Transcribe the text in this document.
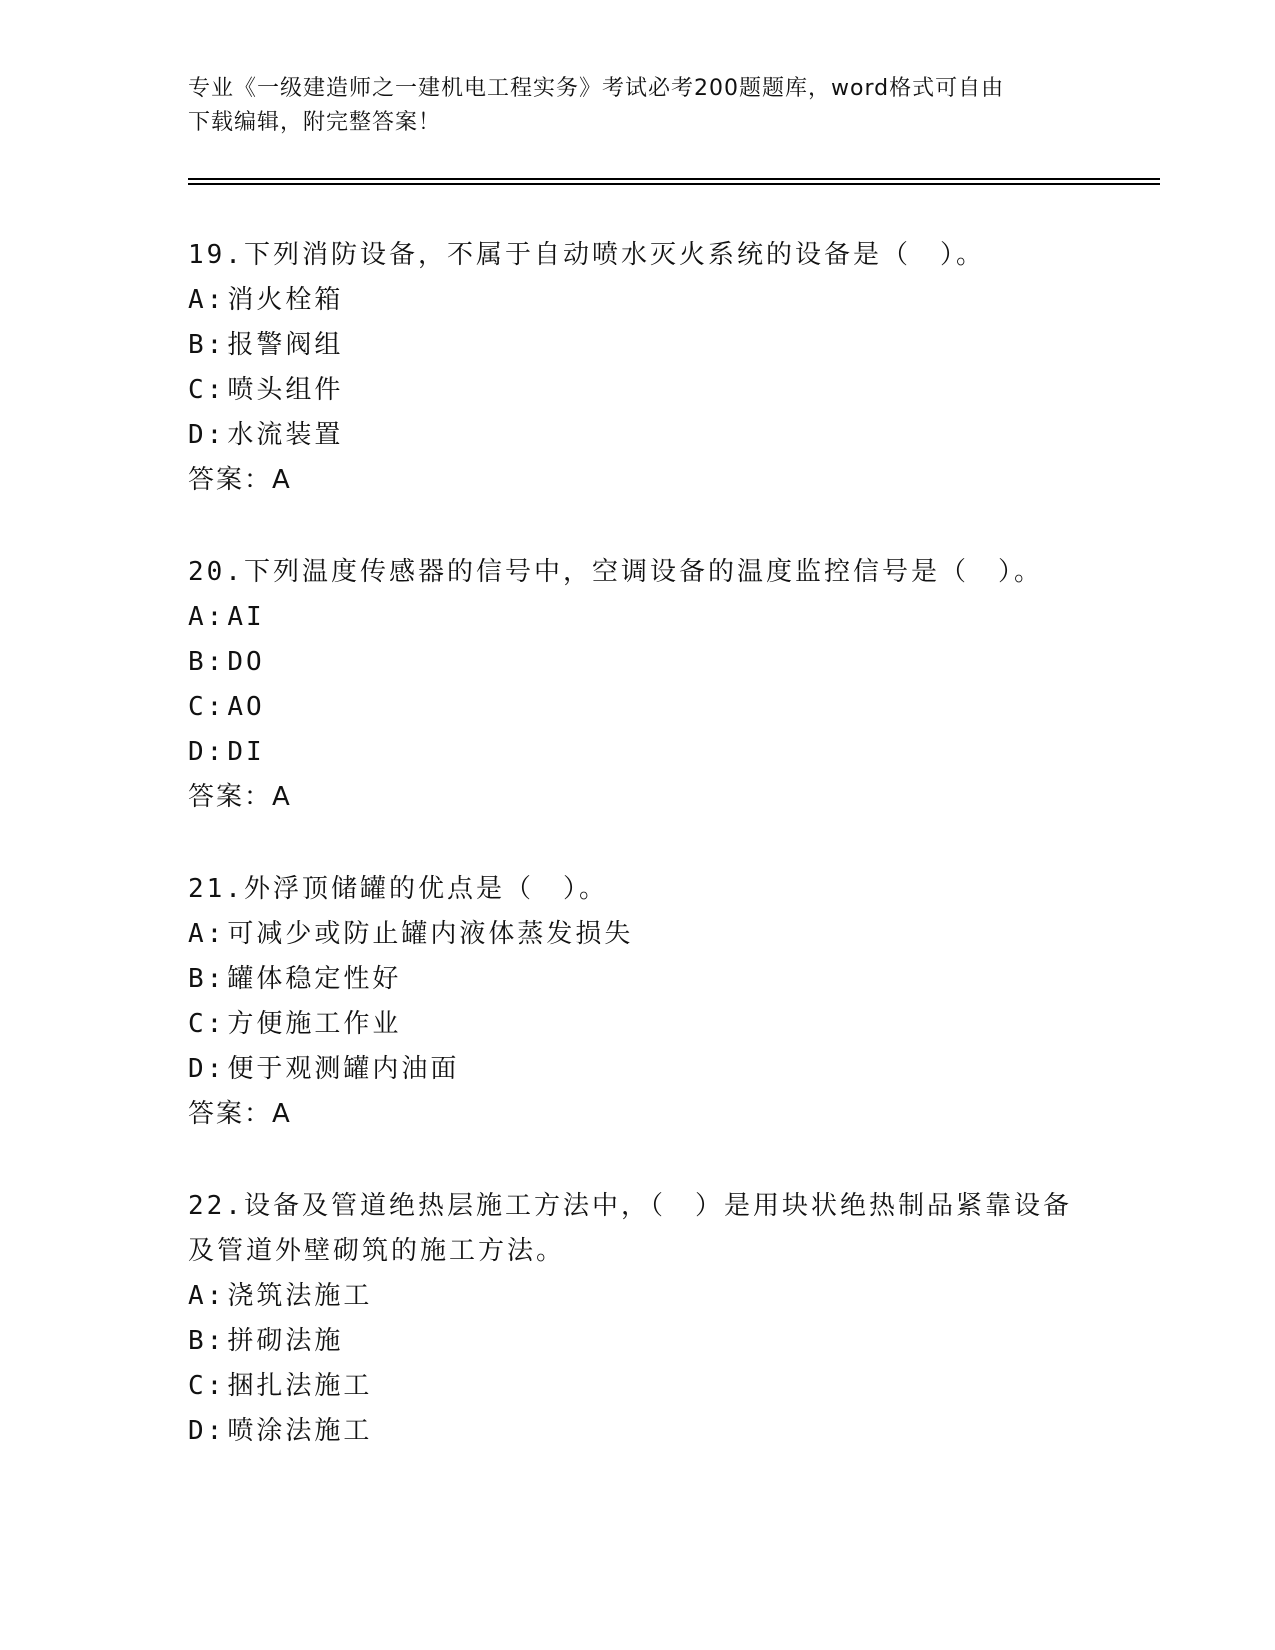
专业《一级建造师之一建机电工程实务》考试必考200题题库，word格式可自由
下载编辑，附完整答案！
19.下列消防设备，不属于自动喷水灭火系统的设备是（　）。
A:消火栓箱
B:报警阀组
C:喷头组件
D:水流装置
答案：A
20.下列温度传感器的信号中，空调设备的温度监控信号是（　）。
A:AI
B:DO
C:AO
D:DI
答案：A
21.外浮顶储罐的优点是（　）。
A:可减少或防止罐内液体蒸发损失
B:罐体稳定性好
C:方便施工作业
D:便于观测罐内油面
答案：A
22.设备及管道绝热层施工方法中，（　）是用块状绝热制品紧靠设备
及管道外壁砌筑的施工方法。
A:浇筑法施工
B:拼砌法施
C:捆扎法施工
D:喷涂法施工
